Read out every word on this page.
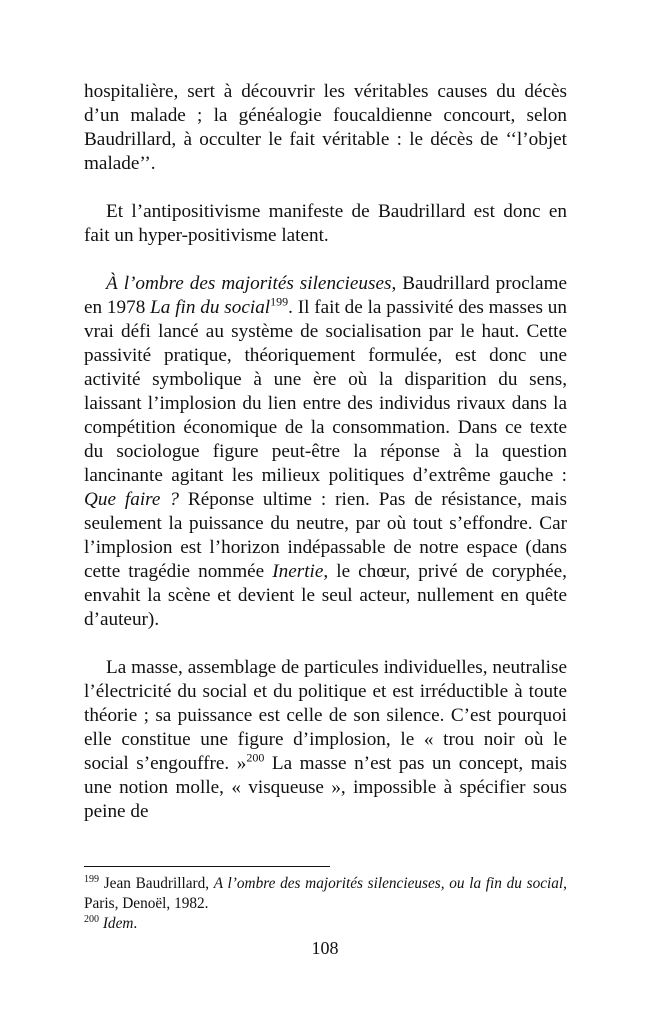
hospitalière, sert à découvrir les véritables causes du décès d’un malade ; la généalogie foucaldienne concourt, selon Baudrillard, à occulter le fait véritable : le décès de ‘‘l’objet malade’’.

Et l’antipositivisme manifeste de Baudrillard est donc en fait un hyper-positivisme latent.

À l’ombre des majorités silencieuses, Baudrillard proclame en 1978 La fin du social$^{199}$. Il fait de la passivité des masses un vrai défi lancé au système de socialisation par le haut. Cette passivité pratique, théoriquement formulée, est donc une activité symbolique à une ère où la disparition du sens, laissant l’implosion du lien entre des individus rivaux dans la compétition économique de la consommation. Dans ce texte du sociologue figure peut-être la réponse à la question lancinante agitant les milieux politiques d’extrême gauche : Que faire ? Réponse ultime : rien. Pas de résistance, mais seulement la puissance du neutre, par où tout s’effondre. Car l’implosion est l’horizon indépassable de notre espace (dans cette tragédie nommée Inertie, le chœur, privé de coryphée, envahit la scène et devient le seul acteur, nullement en quête d’auteur).

La masse, assemblage de particules individuelles, neutralise l’électricité du social et du politique et est irréductible à toute théorie ; sa puissance est celle de son silence. C’est pourquoi elle constitue une figure d’implosion, le « trou noir où le social s’engouffre. »$^{200}$ La masse n’est pas un concept, mais une notion molle, « visqueuse », impossible à spécifier sous peine de

$^{199}$ Jean Baudrillard, A l’ombre des majorités silencieuses, ou la fin du social, Paris, Denoël, 1982.

$^{200}$ Idem.

108
